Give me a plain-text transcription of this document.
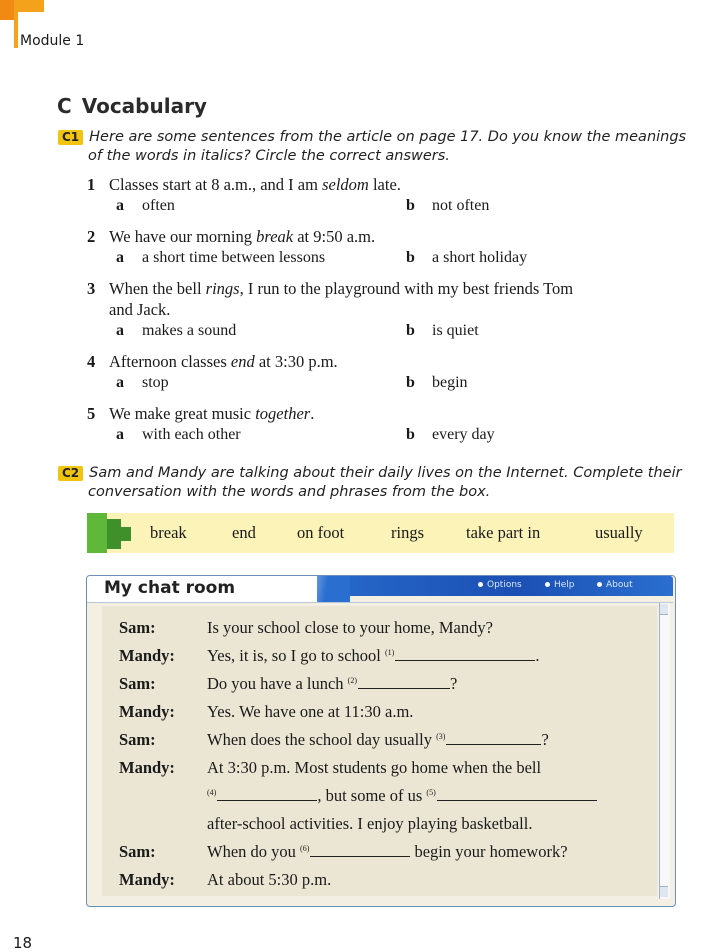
Module 1
C Vocabulary
C1 Here are some sentences from the article on page 17. Do you know the meanings
of the words in italics? Circle the correct answers.
1 Classes start at 8 a.m., and I am seldom late.
a often	b not often
2 We have our morning break at 9:50 a.m.
a a short time between lessons	b a short holiday
3 When the bell rings, I run to the playground with my best friends Tom
and Jack.
a makes a sound	b is quiet
4 Afternoon classes end at 3:30 p.m.
a stop	b begin
5 We make great music together.
a with each other	b every day
C2 Sam and Mandy are talking about their daily lives on the Internet. Complete their
conversation with the words and phrases from the box.
break	end on foot	rings	take part in	usually
My chat room	Options	Help	About
Sam:	Is your school close to your home, Mandy?
Mandy: Yes, it is, so I go to school $^{(1)}$	.
Sam:	Do you have a lunch $^{(2)}$	?
Mandy: Yes. We have one at 11:30 a.m.
Sam:	When does the school day usually $^{(3)}$	?
Mandy: At 3:30 p.m. Most students go home when the bell
$^{(4)}$	, but some of us $^{(5)}$
after-school activities. I enjoy playing basketball.
Sam:	When do you $^{(6)}$	begin your homework?
Mandy: At about 5:30 p.m.
18
